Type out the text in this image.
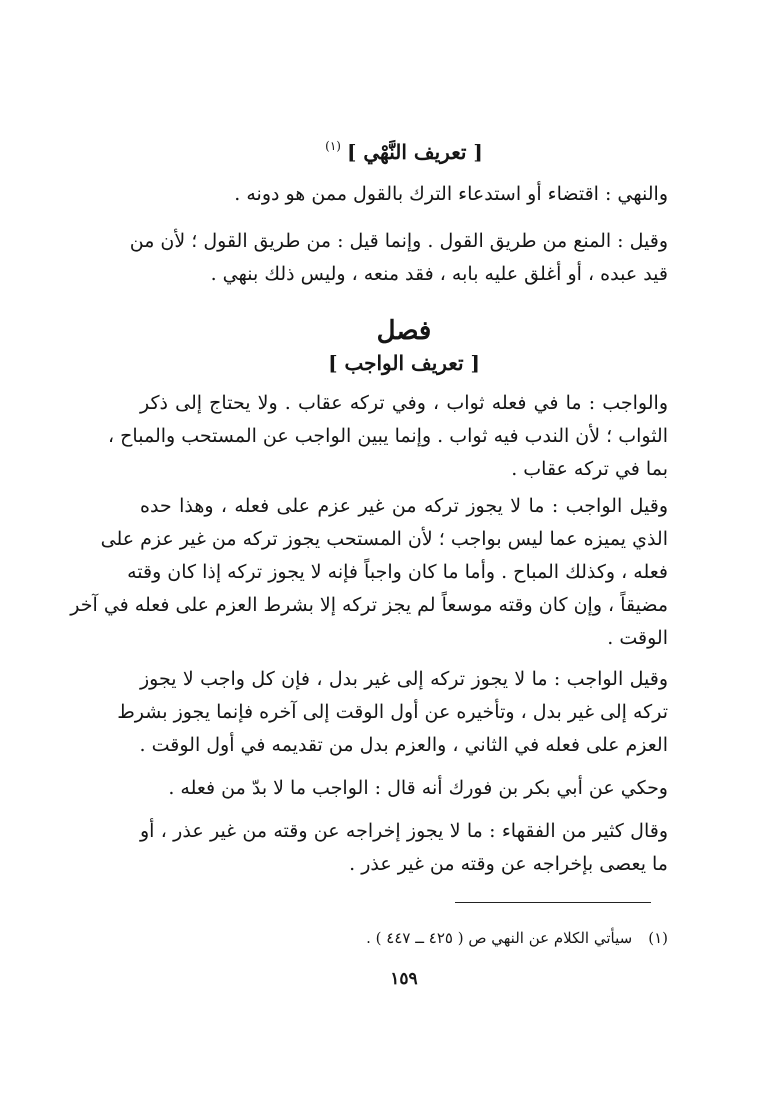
[ تعريف النَّهْي ]$^{(١)}$
والنهي : اقتضاء أو استدعاء الترك بالقول ممن هو دونه .
وقيل : المنع من طريق القول . وإنما قيل : من طريق القول ؛ لأن من
قيد عبده ، أو أغلق عليه بابه ، فقد منعه ، وليس ذلك بنهي .
فصل
[ تعريف الواجب ]
والواجب : ما في فعله ثواب ، وفي تركه عقاب . ولا يحتاج إلى ذكر
الثواب ؛ لأن الندب فيه ثواب . وإنما يبين الواجب عن المستحب والمباح ،
بما في تركه عقاب .
وقيل الواجب : ما لا يجوز تركه من غير عزم على فعله ، وهذا حده
الذي يميزه عما ليس بواجب ؛ لأن المستحب يجوز تركه من غير عزم على
فعله ، وكذلك المباح . وأما ما كان واجباً فإنه لا يجوز تركه إذا كان وقته
مضيقاً ، وإن كان وقته موسعاً لم يجز تركه إلا بشرط العزم على فعله في آخر
الوقت .
وقيل الواجب : ما لا يجوز تركه إلى غير بدل ، فإن كل واجب لا يجوز
تركه إلى غير بدل ، وتأخيره عن أول الوقت إلى آخره فإنما يجوز بشرط
العزم على فعله في الثاني ، والعزم بدل من تقديمه في أول الوقت .
وحكي عن أبي بكر بن فورك أنه قال : الواجب ما لا بدّ من فعله .
وقال كثير من الفقهاء : ما لا يجوز إخراجه عن وقته من غير عذر ، أو
ما يعصى بإخراجه عن وقته من غير عذر .
(١)سيأتي الكلام عن النهي ص ( ٤٢٥ ــ ٤٤٧ ) .
١٥٩
